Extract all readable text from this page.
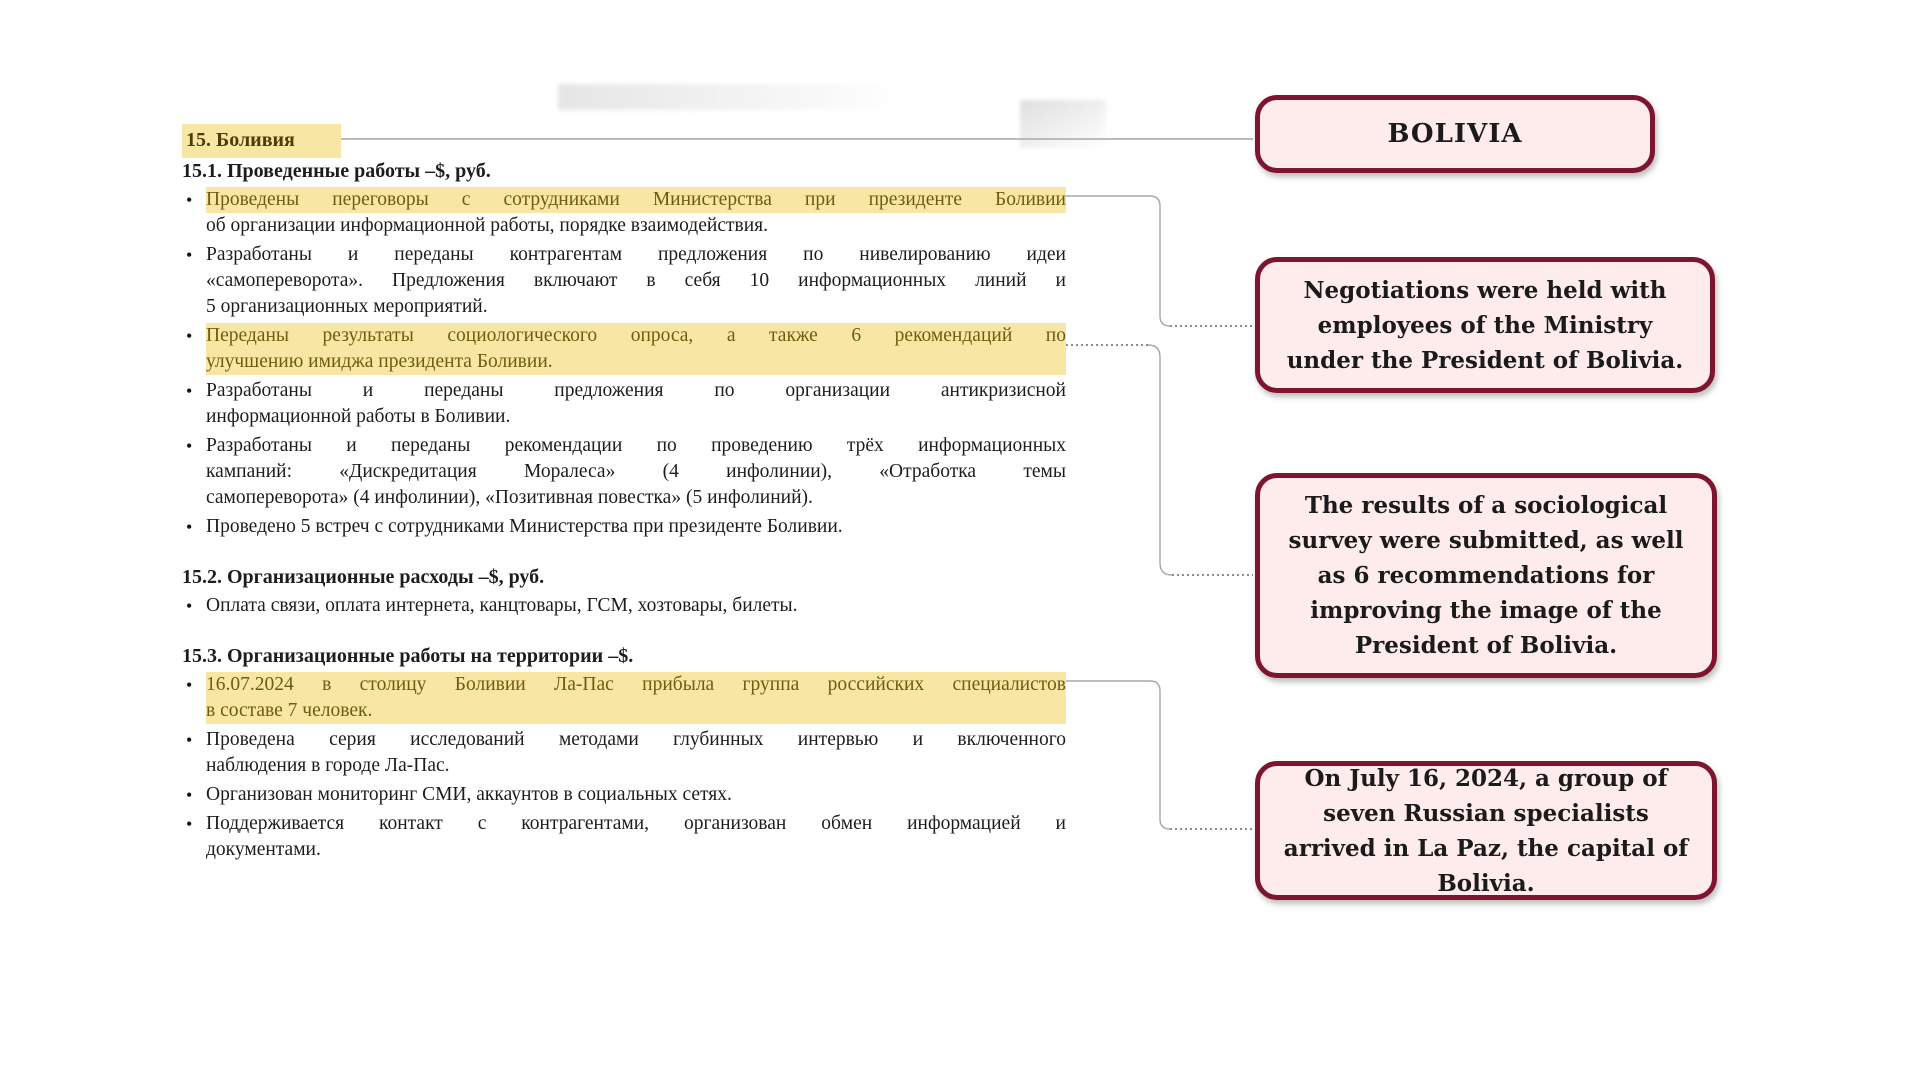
15. Боливия
15.1. Проведенные работы –$, руб.
• Проведены переговоры с сотрудниками Министерства при президенте Боливии
об организации информационной работы, порядке взаимодействия.
• Разработаны и переданы контрагентам предложения по нивелированию идеи
«самопереворота». Предложения включают в себя 10 информационных линий и
5 организационных мероприятий.
• Переданы результаты социологического опроса, а также 6 рекомендаций по
улучшению имиджа президента Боливии.
• Разработаны и переданы предложения по организации антикризисной
информационной работы в Боливии.
• Разработаны и переданы рекомендации по проведению трёх информационных
кампаний: «Дискредитация Моралеса» (4 инфолинии), «Отработка темы
самопереворота» (4 инфолинии), «Позитивная повестка» (5 инфолиний).
• Проведено 5 встреч с сотрудниками Министерства при президенте Боливии.
15.2. Организационные расходы –$, руб.
• Оплата связи, оплата интернета, канцтовары, ГСМ, хозтовары, билеты.
15.3. Организационные работы на территории –$.
• 16.07.2024 в столицу Боливии Ла-Пас прибыла группа российских специалистов
в составе 7 человек.
• Проведена серия исследований методами глубинных интервью и включенного
наблюдения в городе Ла-Пас.
• Организован мониторинг СМИ, аккаунтов в социальных сетях.
• Поддерживается контакт с контрагентами, организован обмен информацией и
документами.
BOLIVIA
Negotiations were held with employees of the Ministry under the President of Bolivia.
The results of a sociological survey were submitted, as well as 6 recommendations for improving the image of the President of Bolivia.
On July 16, 2024, a group of seven Russian specialists arrived in La Paz, the capital of Bolivia.
